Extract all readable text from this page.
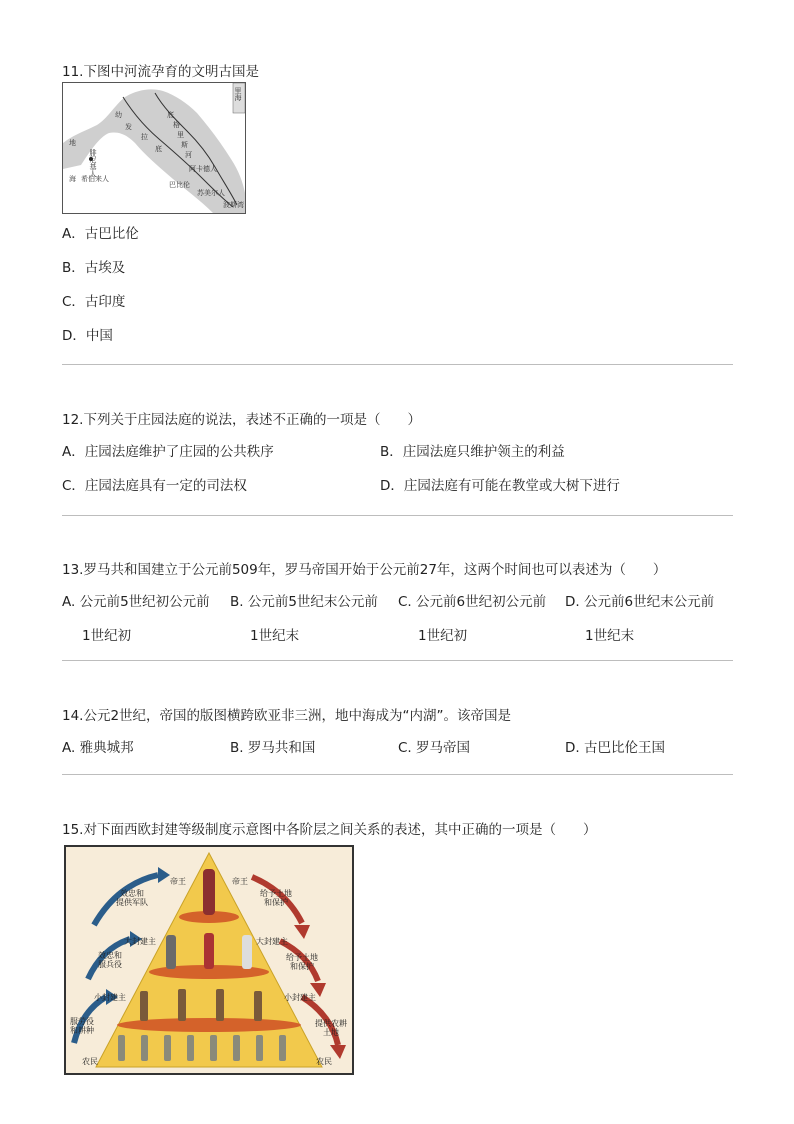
11.下图中河流孕育的文明古国是
地
海
腓尼基人
希伯来人
幼
发
拉
底
底
格
里
斯
河
阿卡德人
巴比伦
苏美尔人
波斯湾
里海
A．古巴比伦
B．古埃及
C．古印度
D．中国
12.下列关于庄园法庭的说法，表述不正确的一项是（　　）
A．庄园法庭维护了庄园的公共秩序	B．庄园法庭只维护领主的利益
C．庄园法庭具有一定的司法权	D．庄园法庭有可能在教堂或大树下进行
13.罗马共和国建立于公元前509年，罗马帝国开始于公元前27年，这两个时间也可以表述为（　　）
A. 公元前5世纪初公元前
1世纪初
B. 公元前5世纪末公元前
1世纪末
C. 公元前6世纪初公元前
1世纪初
D. 公元前6世纪末公元前
1世纪末
14.公元2世纪，帝国的版图横跨欧亚非三洲，地中海成为“内湖”。该帝国是
A. 雅典城邦	B. 罗马共和国	C. 罗马帝国	D. 古巴比伦王国
15.对下面西欧封建等级制度示意图中各阶层之间关系的表述，其中正确的一项是（　　）
帝王	帝王
效忠和
提供军队
给予土地
和保护
大封建主	大封建主
效忠和
服兵役
给予土地
和保护
小封建主	小封建主
服劳役
和耕种
提供农耕
土地
农民	农民
